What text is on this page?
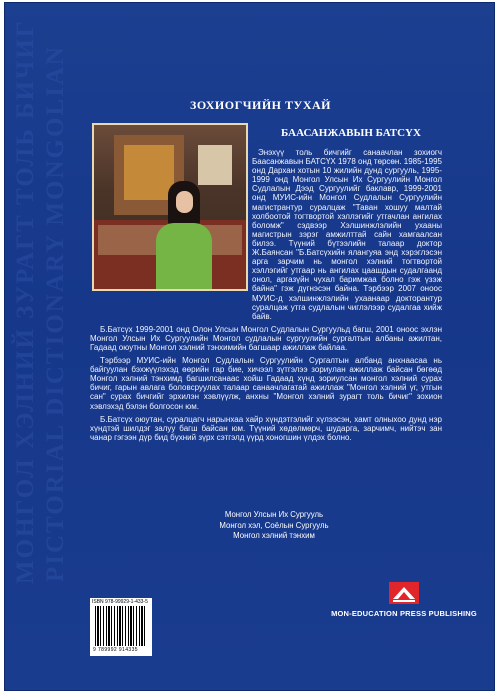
МОНГОЛ ХЭЛНИЙ ЗУРАГТ ТОЛЬ БИЧИГ PICTORIAL DICTIONARY MONGOLIAN	ЗОХИОГЧИЙН ТУХАЙ
БААСАНЖАВЫН БАТСҮХ

Энэхүү толь бичгийг санаачлан зохиогч Баасанжавын БАТСҮХ 1978 онд төрсөн. 1985-1995 онд Дархан хотын 10 жилийн дунд сургууль, 1995-1999 онд Монгол Улсын Их Сургуулийн Монгол Судлалын Дээд Сургуулийг баклавр, 1999-2001 онд МУИС-ийн Монгол Судлалын Сургуулийн магистрантур суралцаж "Таван хошуу малтай холбоотой тогтвортой хэллэгийг утгачлан ангилах боломж" сэдвээр Хэлшинжлэлийн ухааны магистрын зэрэг амжилттай сайн хамгаалсан билээ. Түүний бүтээлийн талаар доктор Ж.Баянсан "Б.Батсүхийн ялангуяа энд хэрэглэсэн арга зарчим нь монгол хэлний тогтвортой хэллэгийг утгаар нь ангилах цаашдын судалгаанд онол, аргазүйн чухал баримжаа болно гэж үзэж байна" гэж дүгнэсэн байна. Тэрбээр 2007 оноос МУИС-д хэлшинжлэлийн ухаанаар докторантур суралцаж утга судлалын чиглэлээр судалгаа хийж байв.

Б.Батсүх 1999-2001 онд Олон Улсын Монгол Судлалын Сургуульд багш, 2001 оноос эхлэн Монгол Улсын Их Сургуулийн Монгол судлалын сургуулийн сургалтын албаны ажилтан, Гадаад оюутны Монгол хэлний тэнхимийн багшаар ажиллаж байлаа.

Тэрбээр МУИС-ийн Монгол Судлалын Сургуулийн Сургалтын албанд анхнаасаа нь байгуулан бэхжүүлэхэд өөрийн гар бие, хичээл зүтгэлээ зориулан ажиллаж байсан бөгөөд Монгол хэлний тэнхимд багшилсанаас хойш Гадаад хүнд зориулсан монгол хэлний сурах бичиг, гарын авлага боловсруулах талаар санаачлагатай ажиллаж "Монгол хэлний үг, утгын сан" сурах бичгийг эрхилэн хэвлүүлж, анхны "Монгол хэлний зурагт толь бичиг" зохион хэвлэхэд бэлэн болгосон юм.

Б.Батсүх оюутан, суралцагч нарынхаа хайр хүндэтгэлийг хүлээсэн, хамт олныхоо дунд нэр хүндтэй шилдэг залуу багш байсан юм. Түүний хөдөлмөрч, шударга, зарчимч, нийтэч зан чанар гэгээн дүр бид бүхний зүрх сэтгэлд үүрд хоногшин үлдэх болно.

Монгол Улсын Их Сургууль
Монгол хэл, Соёлын Сургууль
Монгол хэлний тэнхим
ISBN 978-99929-1-433-5
9 789992 914335
MON-EDUCATION PRESS PUBLISHING
